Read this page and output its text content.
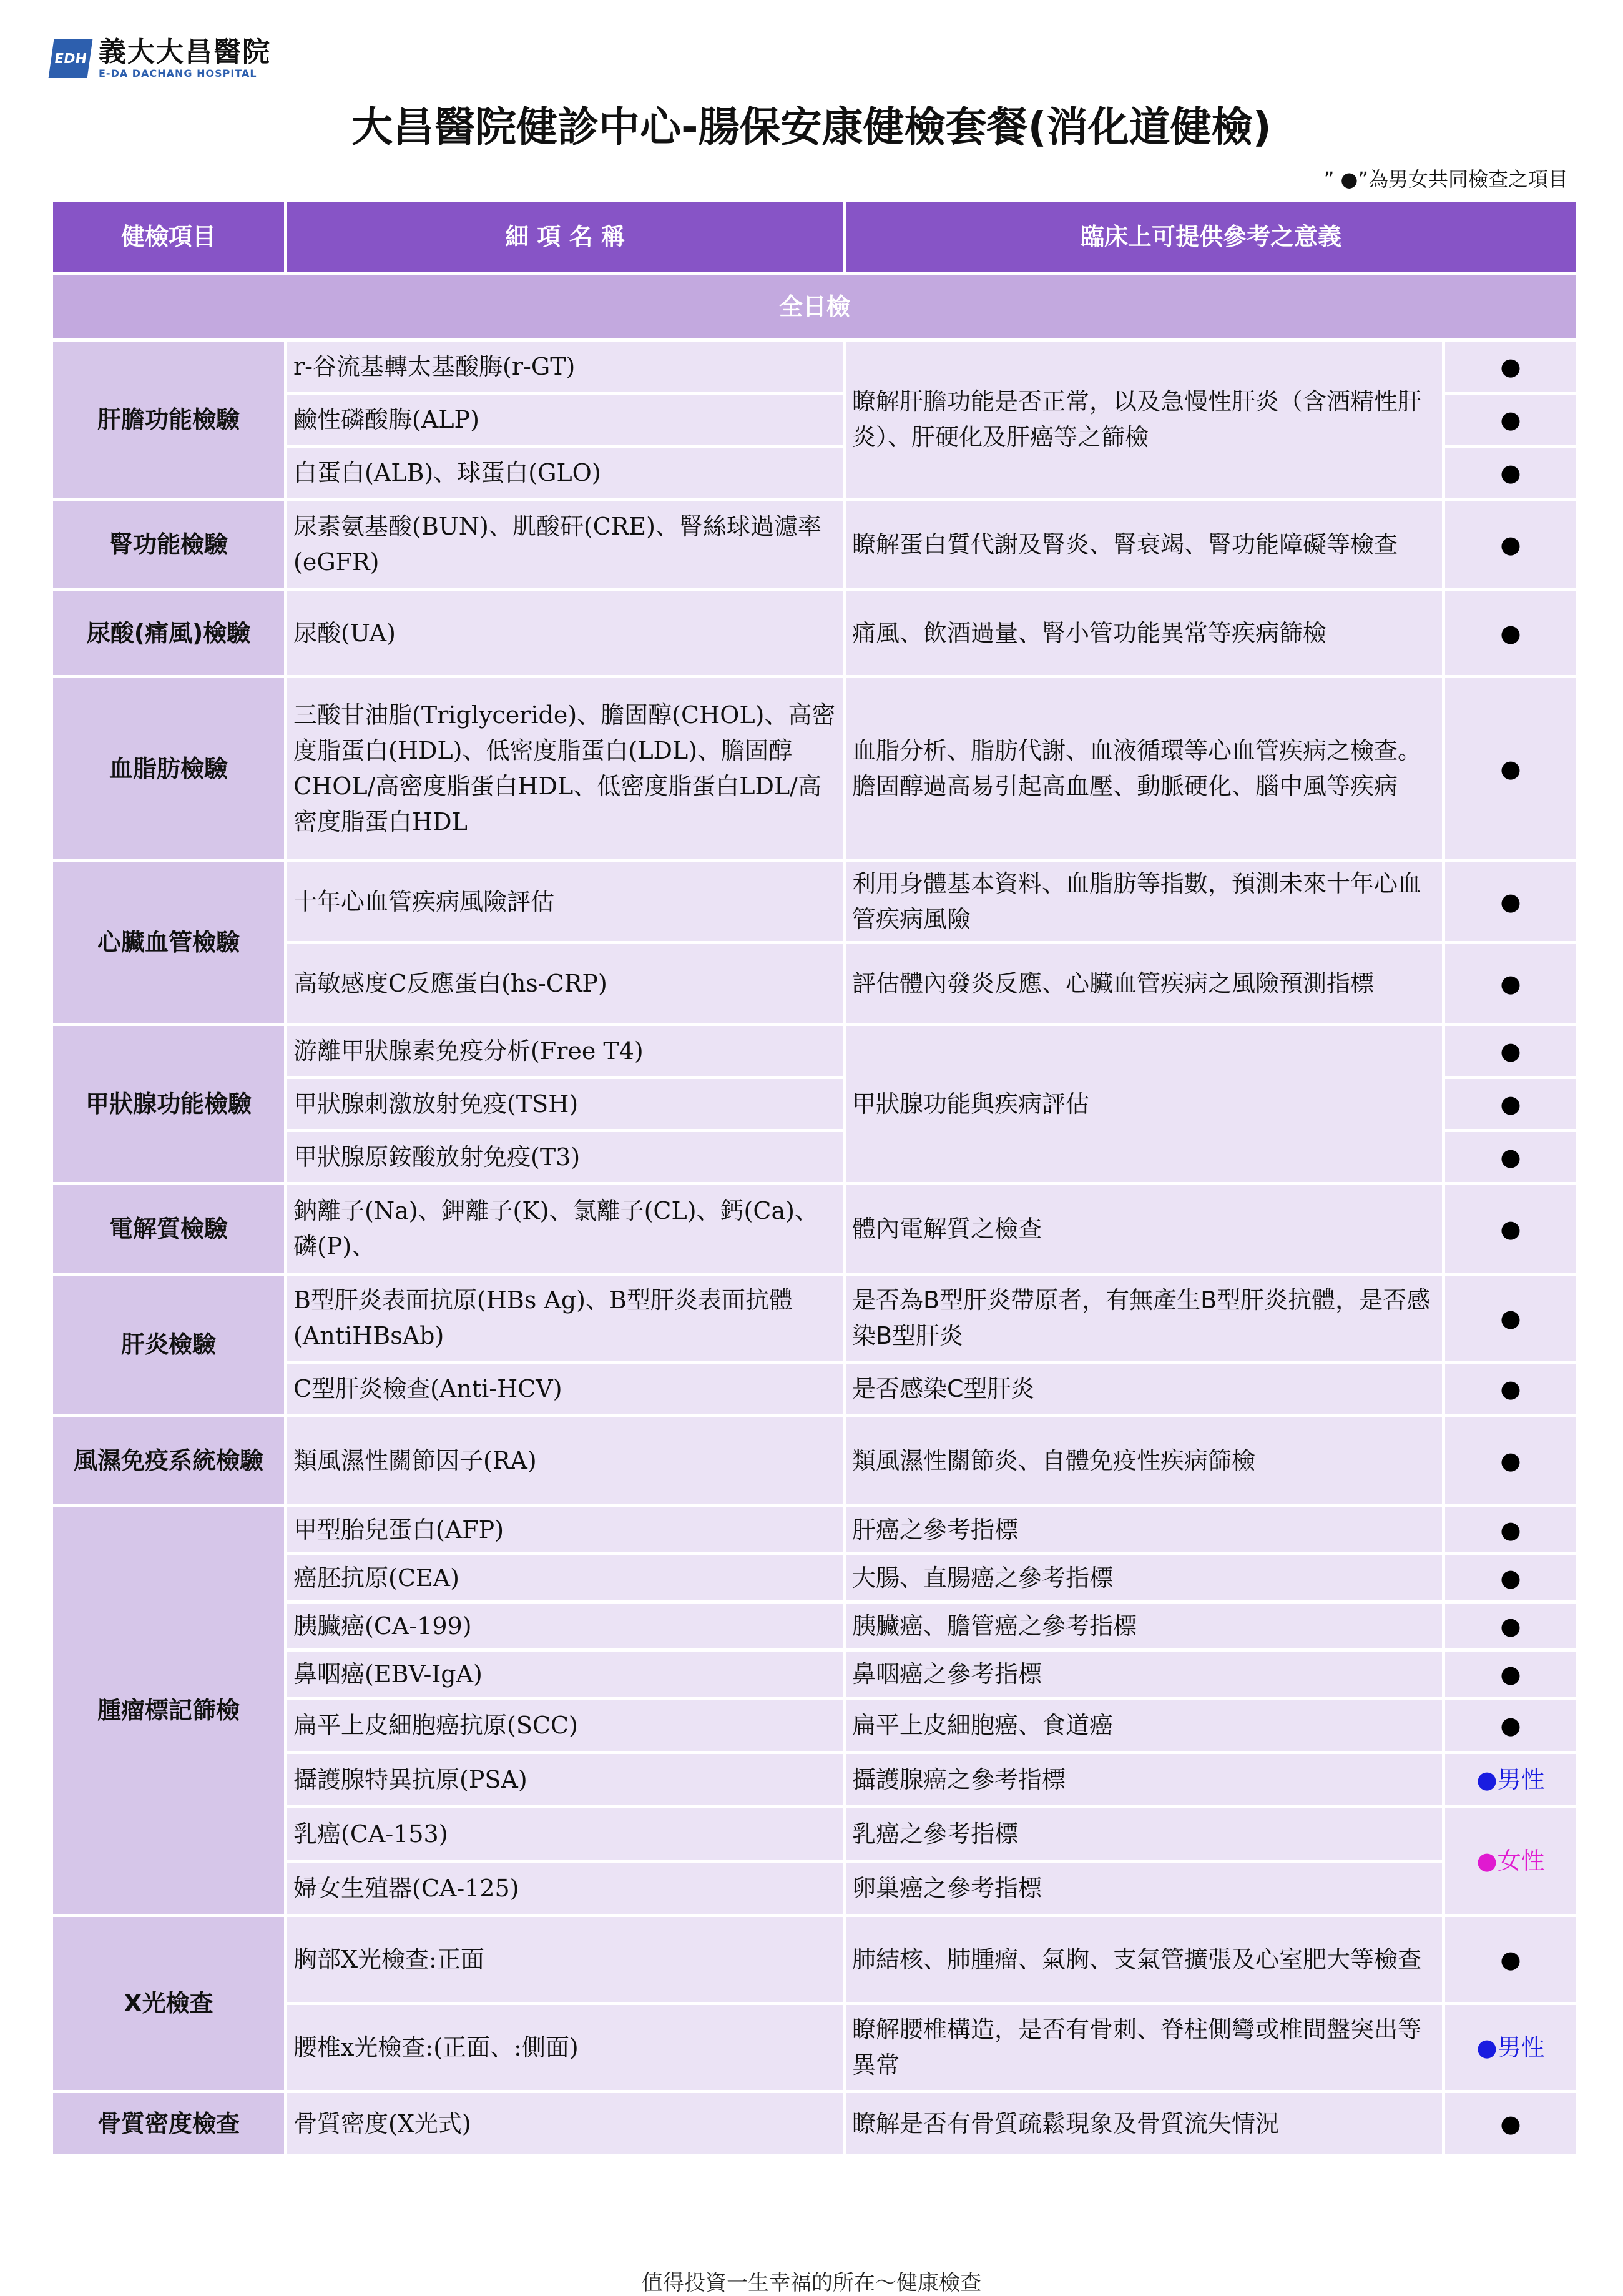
EDH 義大大昌醫院
E-DA DACHANG HOSPITAL
大昌醫院健診中心-腸保安康健檢套餐(消化道健檢)
” ●”為男女共同檢查之項目
健檢項目	細 項 名 稱	臨床上可提供參考之意義	
全日檢			
肝膽功能檢驗	r-谷流基轉太基酸脢(r-GT)	瞭解肝膽功能是否正常，以及急慢性肝炎（含酒精性肝炎）、肝硬化及肝癌等之篩檢	●
	鹼性磷酸脢(ALP)		●
	白蛋白(ALB)、球蛋白(GLO)		●
腎功能檢驗	尿素氨基酸(BUN)、肌酸矸(CRE)、腎絲球過濾率(eGFR)	瞭解蛋白質代謝及腎炎、腎衰竭、腎功能障礙等檢查	●
尿酸(痛風)檢驗	尿酸(UA)	痛風、飲酒過量、腎小管功能異常等疾病篩檢	●
血脂肪檢驗	三酸甘油脂(Triglyceride)、膽固醇(CHOL)、高密度脂蛋白(HDL)、低密度脂蛋白(LDL)、膽固醇CHOL/高密度脂蛋白HDL、低密度脂蛋白LDL/高密度脂蛋白HDL	血脂分析、脂肪代謝、血液循環等心血管疾病之檢查。膽固醇過高易引起高血壓、動脈硬化、腦中風等疾病	●
心臟血管檢驗	十年心血管疾病風險評估	利用身體基本資料、血脂肪等指數，預測未來十年心血管疾病風險	●
	高敏感度C反應蛋白(hs-CRP)	評估體內發炎反應、心臟血管疾病之風險預測指標	●
甲狀腺功能檢驗	游離甲狀腺素免疫分析(Free T4)	甲狀腺功能與疾病評估	●
	甲狀腺刺激放射免疫(TSH)		●
	甲狀腺原銨酸放射免疫(T3)		●
電解質檢驗	鈉離子(Na)、鉀離子(K)、氯離子(CL)、鈣(Ca)、磷(P)、	體內電解質之檢查	●
肝炎檢驗	B型肝炎表面抗原(HBs Ag)、B型肝炎表面抗體(AntiHBsAb)	是否為B型肝炎帶原者，有無產生B型肝炎抗體，是否感染B型肝炎	●
	C型肝炎檢查(Anti-HCV)	是否感染C型肝炎	●
風濕免疫系統檢驗	類風濕性關節因子(RA)	類風濕性關節炎、自體免疫性疾病篩檢	●
腫瘤標記篩檢	甲型胎兒蛋白(AFP)	肝癌之參考指標	●
	癌胚抗原(CEA)	大腸、直腸癌之參考指標	●
	胰臟癌(CA-199)	胰臟癌、膽管癌之參考指標	●
	鼻咽癌(EBV-IgA)	鼻咽癌之參考指標	●
	扁平上皮細胞癌抗原(SCC)	扁平上皮細胞癌、食道癌	●
	攝護腺特異抗原(PSA)	攝護腺癌之參考指標	●男性
	乳癌(CA-153)	乳癌之參考指標	●女性
	婦女生殖器(CA-125)	卵巢癌之參考指標	
X光檢查	胸部X光檢查:正面	肺結核、肺腫瘤、氣胸、支氣管擴張及心室肥大等檢查	●
	腰椎x光檢查:(正面、:側面)	瞭解腰椎構造，是否有骨刺、脊柱側彎或椎間盤突出等異常	●男性
骨質密度檢查	骨質密度(X光式)	瞭解是否有骨質疏鬆現象及骨質流失情況	●
值得投資一生幸福的所在～健康檢查
